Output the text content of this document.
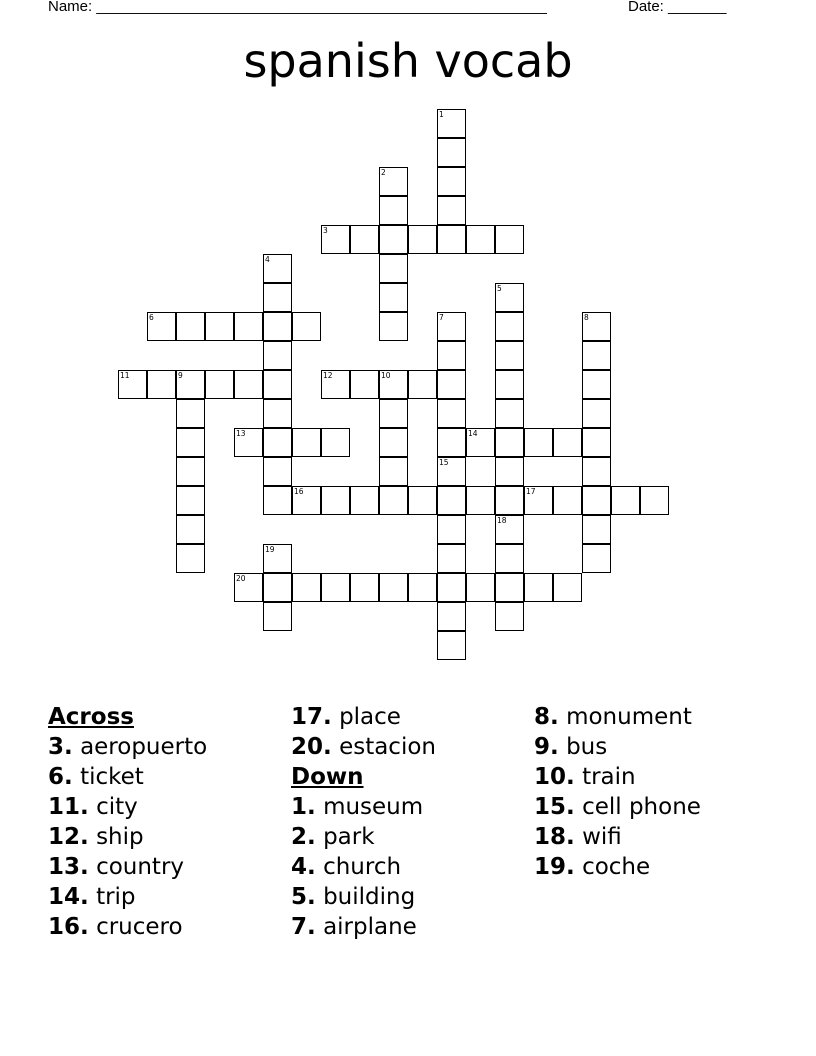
Name: ______________________________________________________

	Date: _______

spanish vocab
3
6
11	9	12	10
13	14
16	17
20
1
2
4
5
7
15
8
18
19
Across
3. aeropuerto
6. ticket
11. city
12. ship
13. country
14. trip
16. crucero
17. place
20. estacion
Down
1. museum
2. park
4. church
5. building
7. airplane
8. monument
9. bus
10. train
15. cell phone
18. wifi
19. coche
